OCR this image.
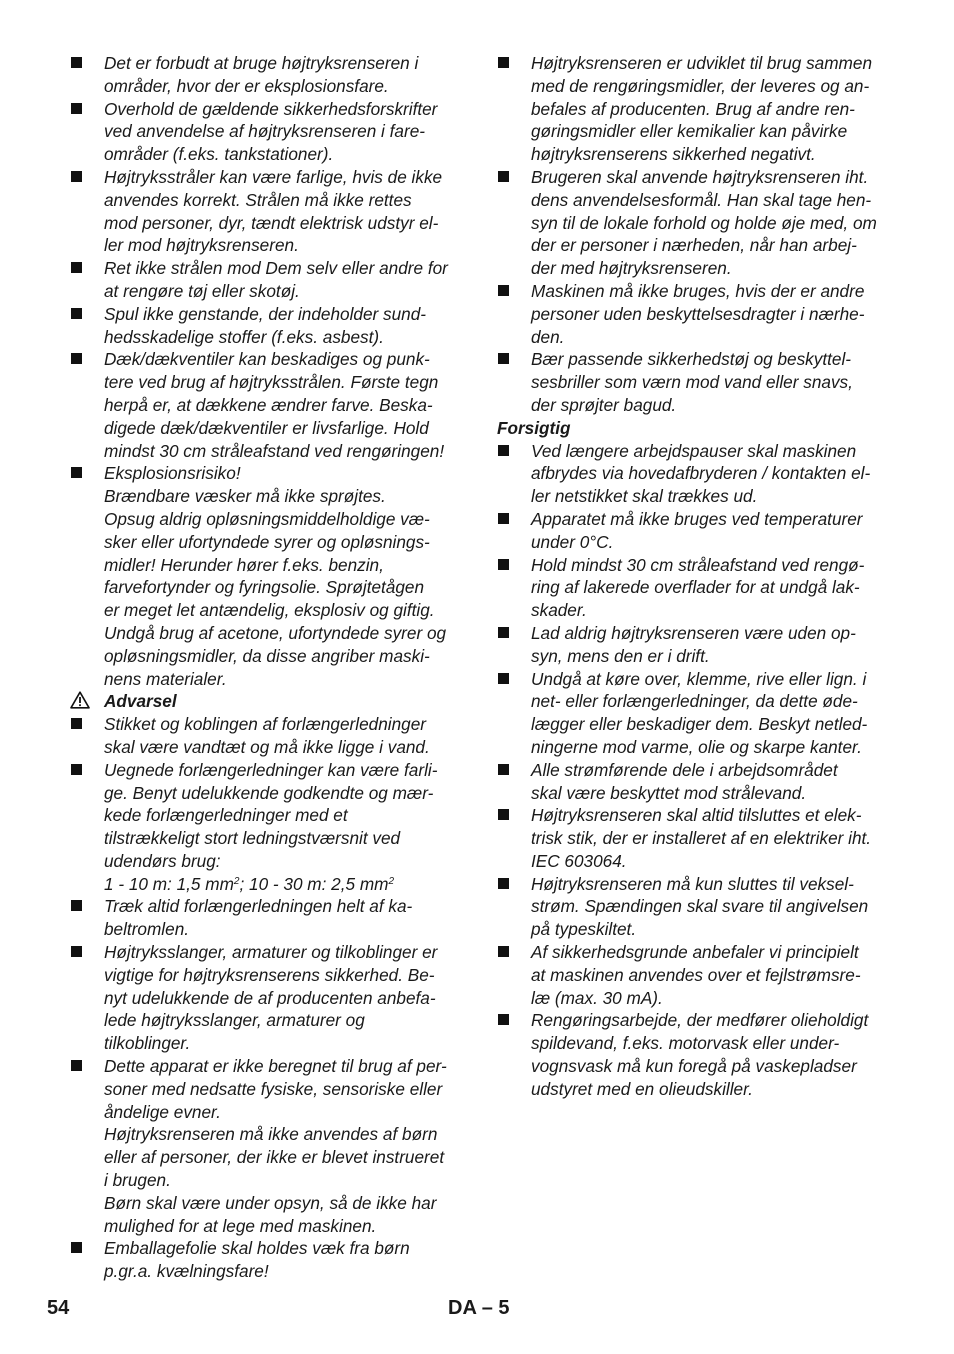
Det er forbudt at bruge højtryksrenseren i
områder, hvor der er eksplosionsfare.

Overhold de gældende sikkerhedsforskrifter
ved anvendelse af højtryksrenseren i fare-
områder (f.eks. tankstationer).

Højtryksstråler kan være farlige, hvis de ikke
anvendes korrekt. Strålen må ikke rettes
mod personer, dyr, tændt elektrisk udstyr el-
ler mod højtryksrenseren.

Ret ikke strålen mod Dem selv eller andre for
at rengøre tøj eller skotøj.

Spul ikke genstande, der indeholder sund-
hedsskadelige stoffer (f.eks. asbest).

Dæk/dækventiler kan beskadiges og punk-
tere ved brug af højtryksstrålen. Første tegn
herpå er, at dækkene ændrer farve. Beska-
digede dæk/dækventiler er livsfarlige. Hold
mindst 30 cm stråleafstand ved rengøringen!

Eksplosionsrisiko!
Brændbare væsker må ikke sprøjtes.
Opsug aldrig opløsningsmiddelholdige væ-
sker eller ufortyndede syrer og opløsnings-
midler! Herunder hører f.eks. benzin,
farvefortynder og fyringsolie. Sprøjtetågen
er meget let antændelig, eksplosiv og giftig.
Undgå brug af acetone, ufortyndede syrer og
opløsningsmidler, da disse angriber maski-
nens materialer.

Advarsel

Stikket og koblingen af forlængerledninger
skal være vandtæt og må ikke ligge i vand.

Uegnede forlængerledninger kan være farli-
ge. Benyt udelukkende godkendte og mær-
kede forlængerledninger med et
tilstrækkeligt stort ledningstværsnit ved
udendørs brug:
1 - 10 m: 1,5 $mm^2$; 10 - 30 m: 2,5 $mm^2$

Træk altid forlængerledningen helt af ka-
beltromlen.

Højtryksslanger, armaturer og tilkoblinger er
vigtige for højtryksrenserens sikkerhed. Be-
nyt udelukkende de af producenten anbefa-
lede højtryksslanger, armaturer og
tilkoblinger.

Dette apparat er ikke beregnet til brug af per-
soner med nedsatte fysiske, sensoriske eller
åndelige evner.
Højtryksrenseren må ikke anvendes af børn
eller af personer, der ikke er blevet instrueret
i brugen.
Børn skal være under opsyn, så de ikke har
mulighed for at lege med maskinen.

Emballagefolie skal holdes væk fra børn
p.gr.a. kvælningsfare!

Højtryksrenseren er udviklet til brug sammen
med de rengøringsmidler, der leveres og an-
befales af producenten. Brug af andre ren-
gøringsmidler eller kemikalier kan påvirke
højtryksrenserens sikkerhed negativt.

Brugeren skal anvende højtryksrenseren iht.
dens anvendelsesformål. Han skal tage hen-
syn til de lokale forhold og holde øje med, om
der er personer i nærheden, når han arbej-
der med højtryksrenseren.

Maskinen må ikke bruges, hvis der er andre
personer uden beskyttelsesdragter i nærhe-
den.

Bær passende sikkerhedstøj og beskyttel-
sesbriller som værn mod vand eller snavs,
der sprøjter bagud.

Forsigtig

Ved længere arbejdspauser skal maskinen
afbrydes via hovedafbryderen / kontakten el-
ler netstikket skal trækkes ud.

Apparatet må ikke bruges ved temperaturer
under 0°C.

Hold mindst 30 cm stråleafstand ved rengø-
ring af lakerede overflader for at undgå lak-
skader.

Lad aldrig højtryksrenseren være uden op-
syn, mens den er i drift.

Undgå at køre over, klemme, rive eller lign. i
net- eller forlængerledninger, da dette øde-
lægger eller beskadiger dem. Beskyt netled-
ningerne mod varme, olie og skarpe kanter.

Alle strømførende dele i arbejdsområdet
skal være beskyttet mod strålevand.

Højtryksrenseren skal altid tilsluttes et elek-
trisk stik, der er installeret af en elektriker iht.
IEC 603064.

Højtryksrenseren må kun sluttes til veksel-
strøm. Spændingen skal svare til angivelsen
på typeskiltet.

Af sikkerhedsgrunde anbefaler vi principielt
at maskinen anvendes over et fejlstrømsre-
læ (max. 30 mA).

Rengøringsarbejde, der medfører olieholdigt
spildevand, f.eks. motorvask eller under-
vognsvask må kun foregå på vaskepladser
udstyret med en olieudskiller.

54	DA – 5
